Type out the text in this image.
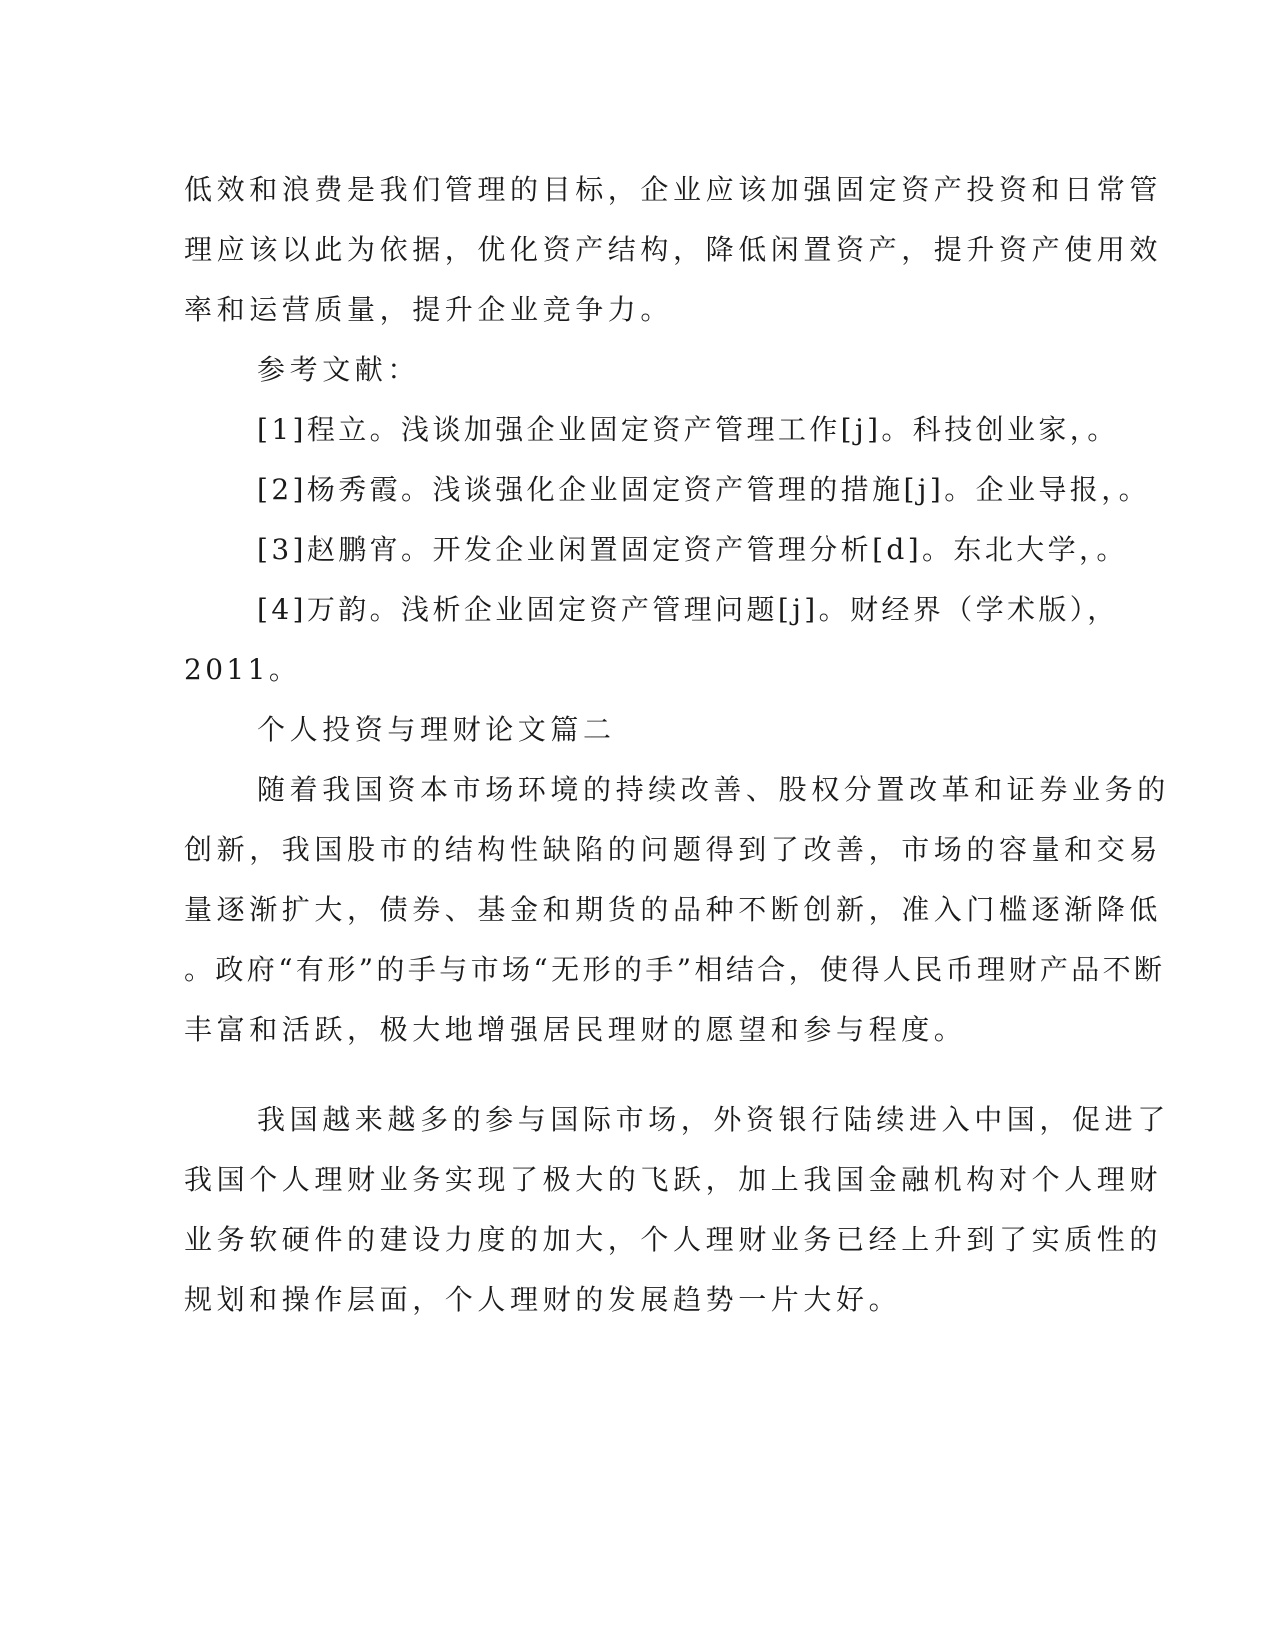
低效和浪费是我们管理的目标，企业应该加强固定资产投资和日常管
理应该以此为依据，优化资产结构，降低闲置资产，提升资产使用效
率和运营质量，提升企业竞争力。
参考文献：
[1]程立。浅谈加强企业固定资产管理工作[j]。科技创业家，。
[2]杨秀霞。浅谈强化企业固定资产管理的措施[j]。企业导报，。
[3]赵鹏宵。开发企业闲置固定资产管理分析[d]。东北大学，。
[4]万韵。浅析企业固定资产管理问题[j]。财经界（学术版），
2011。
个人投资与理财论文篇二
随着我国资本市场环境的持续改善、股权分置改革和证券业务的
创新，我国股市的结构性缺陷的问题得到了改善，市场的容量和交易
量逐渐扩大，债券、基金和期货的品种不断创新，准入门槛逐渐降低
。政府“有形”的手与市场“无形的手”相结合，使得人民币理财产品不断
丰富和活跃，极大地增强居民理财的愿望和参与程度。
我国越来越多的参与国际市场，外资银行陆续进入中国，促进了
我国个人理财业务实现了极大的飞跃，加上我国金融机构对个人理财
业务软硬件的建设力度的加大，个人理财业务已经上升到了实质性的
规划和操作层面，个人理财的发展趋势一片大好。
